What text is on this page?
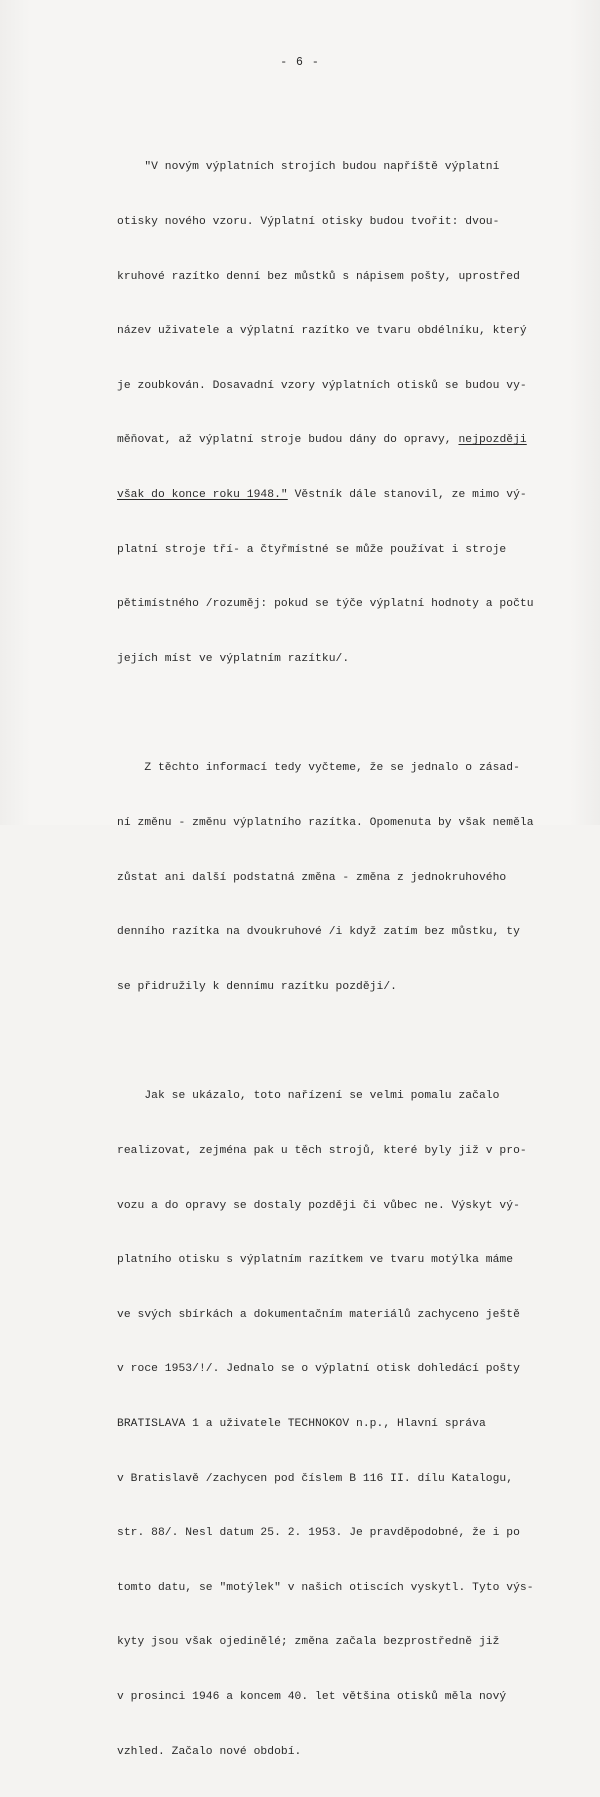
- 6 -

"V novým výplatních strojích budou napříště výplatní

otisky nového vzoru. Výplatní otisky budou tvořit: dvou-

kruhové razítko denní bez můstků s nápisem pošty, uprostřed

název uživatele a výplatní razítko ve tvaru obdélníku, který

je zoubkován. Dosavadní vzory výplatních otisků se budou vy-

měňovat, až výplatní stroje budou dány do opravy, nejpozději

však do konce roku 1948." Věstník dále stanovil, ze mimo vý-

platní stroje tří- a čtyřmístné se může používat i stroje

pětimístného /rozuměj: pokud se týče výplatní hodnoty a počtu

jejích míst ve výplatním razítku/.

Z těchto informací tedy vyčteme, že se jednalo o zásad-

ní změnu - změnu výplatního razítka. Opomenuta by však neměla

zůstat ani další podstatná změna - změna z jednokruhového

denního razítka na dvoukruhové /i když zatím bez můstku, ty

se přidružily k dennímu razítku později/.

Jak se ukázalo, toto nařízení se velmi pomalu začalo

realizovat, zejména pak u těch strojů, které byly již v pro-

vozu a do opravy se dostaly později či vůbec ne. Výskyt vý-

platního otisku s výplatním razítkem ve tvaru motýlka máme

ve svých sbírkách a dokumentačním materiálů zachyceno ještě

v roce 1953/!/. Jednalo se o výplatní otisk dohledácí pošty

BRATISLAVA 1 a uživatele TECHNOKOV n.p., Hlavní správa

v Bratislavě /zachycen pod číslem B 116 II. dílu Katalogu,

str. 88/. Nesl datum 25. 2. 1953. Je pravděpodobné, že i po

tomto datu, se "motýlek" v našich otiscích vyskytl. Tyto výs-

kyty jsou však ojedinělé; změna začala bezprostředně již

v prosinci 1946 a koncem 40. let většina otisků měla nový

vzhled. Začalo nové období.
